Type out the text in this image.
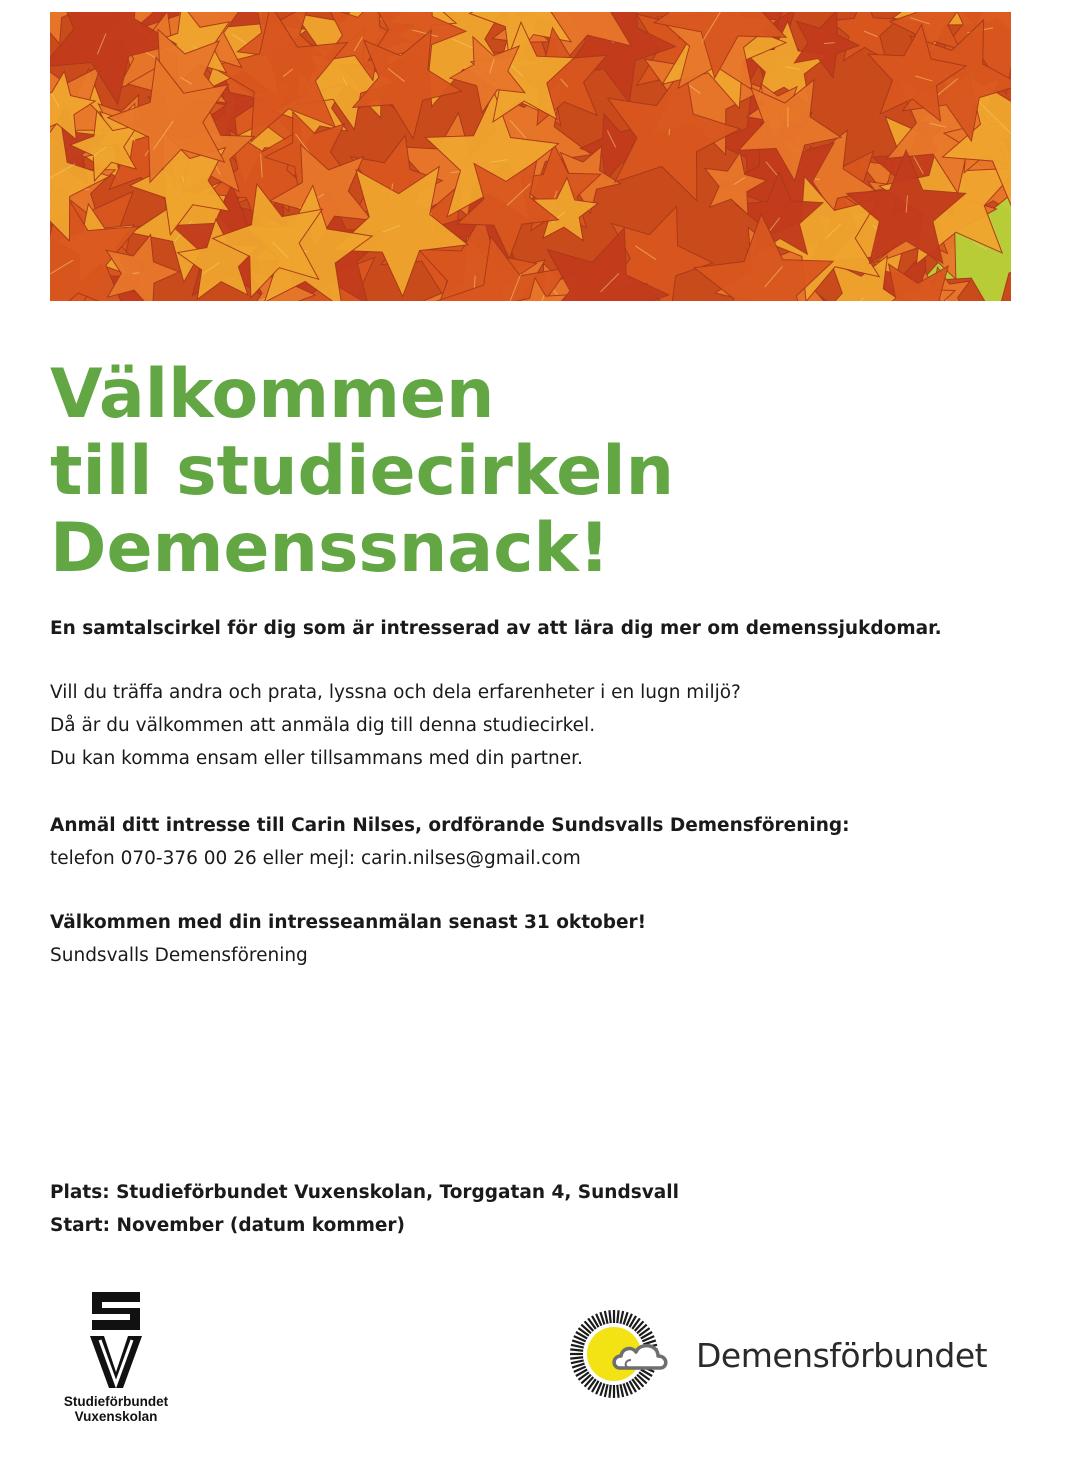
Välkommen
till studiecirkeln
Demenssnack!

En samtalscirkel för dig som är intresserad av att lära dig mer om demenssjukdomar.

Vill du träffa andra och prata, lyssna och dela erfarenheter i en lugn miljö?

Då är du välkommen att anmäla dig till denna studiecirkel.

Du kan komma ensam eller tillsammans med din partner.

Anmäl ditt intresse till Carin Nilses, ordförande Sundsvalls Demensförening:

telefon 070-376 00 26 eller mejl: carin.nilses@gmail.com

Välkommen med din intresseanmälan senast 31 oktober!

Sundsvalls Demensförening

Plats: Studieförbundet Vuxenskolan, Torggatan 4, Sundsvall

Start: November (datum kommer)

Studieförbundet
Vuxenskolan
Demensförbundet
